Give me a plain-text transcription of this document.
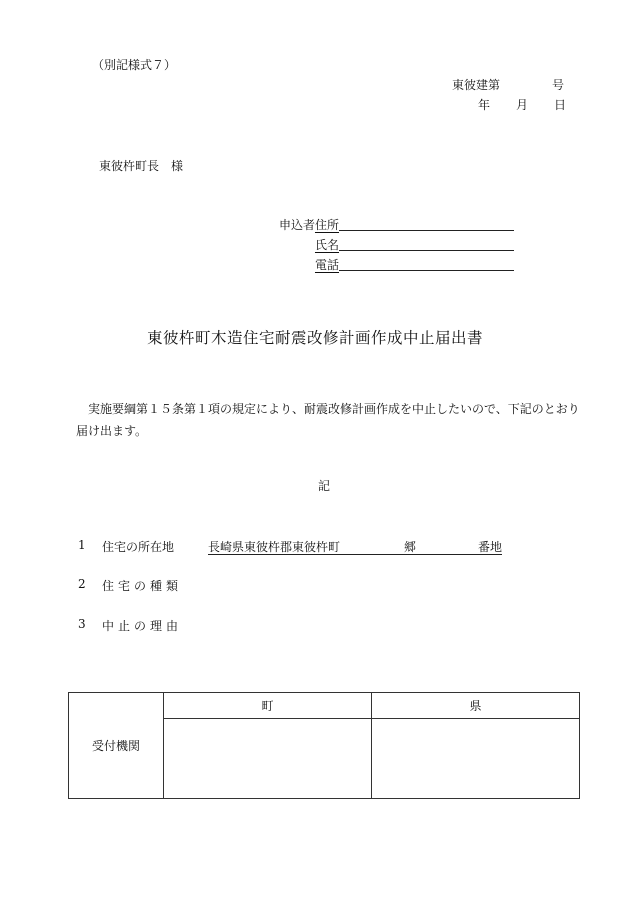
（別記様式７）
東彼建第	号
年 月 日
東彼杵町長 様
申込者住所
氏名
電話
東彼杵町木造住宅耐震改修計画作成中止届出書
実施要綱第１５条第１項の規定により、耐震改修計画作成を中止したいので、下記のとおり届け出ます。
記
1 住宅の所在地	長崎県東彼杵郡東彼杵町	郷	番地
2 住宅の種類
3 中止の理由
受付機関	町	県
